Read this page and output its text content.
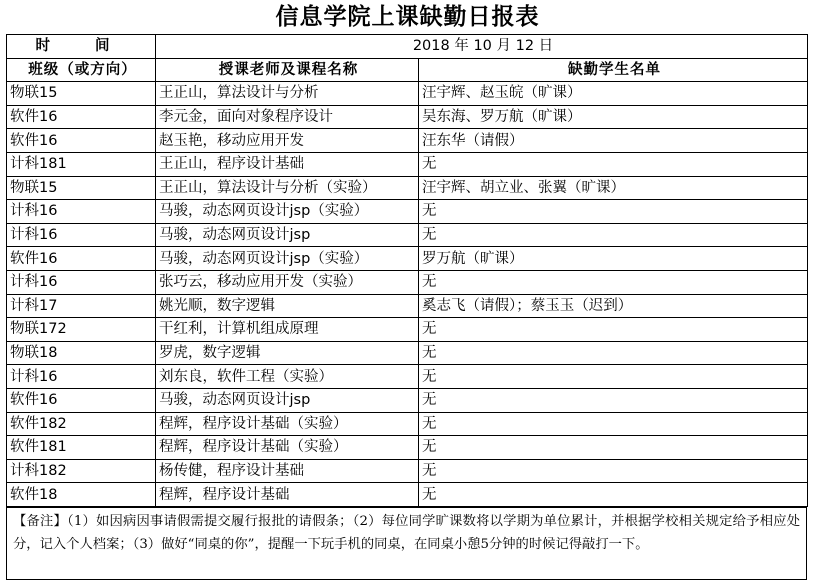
信息学院上课缺勤日报表
时 间	2018 年 10 月 12 日	
班级（或方向）	授课老师及课程名称	缺勤学生名单
物联15	王正山，算法设计与分析	汪宇辉、赵玉皖（旷课）
软件16	李元金，面向对象程序设计	吴东海、罗万航（旷课）
软件16	赵玉艳，移动应用开发	汪东华（请假）
计科181	王正山，程序设计基础	无
物联15	王正山，算法设计与分析（实验）	汪宇辉、胡立业、张翼（旷课）
计科16	马骏，动态网页设计jsp（实验）	无
计科16	马骏，动态网页设计jsp	无
软件16	马骏，动态网页设计jsp（实验）	罗万航（旷课）
计科16	张巧云，移动应用开发（实验）	无
计科17	姚光顺，数字逻辑	奚志飞（请假）；蔡玉玉（迟到）
物联172	干红利，计算机组成原理	无
物联18	罗虎，数字逻辑	无
计科16	刘东良，软件工程（实验）	无
软件16	马骏，动态网页设计jsp	无
软件182	程辉，程序设计基础（实验）	无
软件181	程辉，程序设计基础（实验）	无
计科182	杨传健，程序设计基础	无
软件18	程辉，程序设计基础	无
【备注】（1）如因病因事请假需提交履行报批的请假条；（2）每位同学旷课数将以学期为单位累计，并根据学校相关规定给予相应处分，记入个人档案；（3）做好“同桌的你”，提醒一下玩手机的同桌，在同桌小憩5分钟的时候记得敲打一下。
